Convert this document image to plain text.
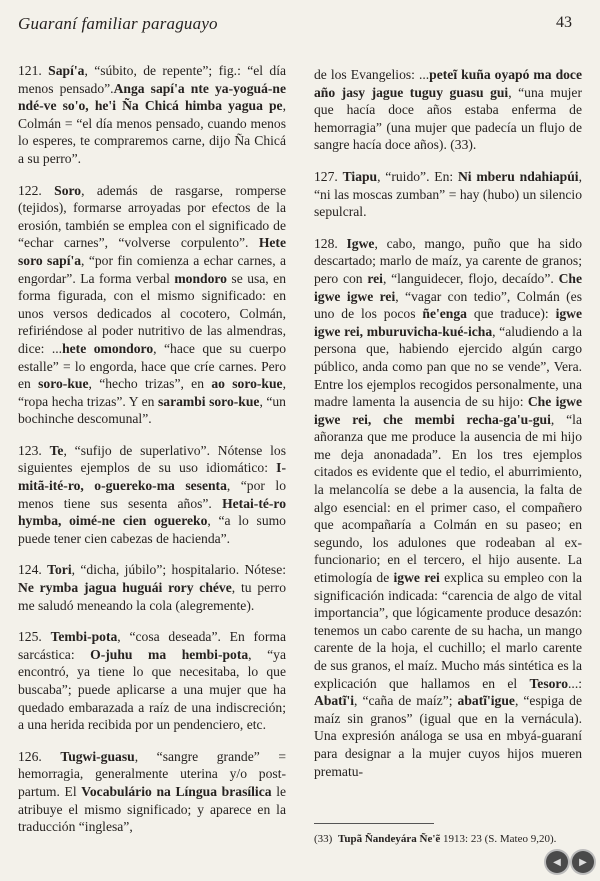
Guaraní familiar paraguayo	43

121. Sapí'a, “súbito, de repente”; fig.: “el día menos pensado”.Anga sapí'a nte ya-yoguá-ne ndé-ve so'o, he'i Ña Chicá himba yagua pe, Colmán = “el día menos pensado, cuando menos lo esperes, te compraremos carne, dijo Ña Chicá a su perro”.

122. Soro, además de rasgarse, romperse (tejidos), formarse arroyadas por efectos de la erosión, también se emplea con el significado de “echar carnes”, “volverse corpulento”. Hete soro sapí'a, “por fin comienza a echar carnes, a engordar”. La forma verbal mondoro se usa, en forma figurada, con el mismo significado: en unos versos dedicados al cocotero, Colmán, refiriéndose al poder nutritivo de las almendras, dice: ...hete omondoro, “hace que su cuerpo estalle” = lo engorda, hace que críe carnes. Pero en soro-kue, “hecho trizas”, en ao soro-kue, “ropa hecha trizas”. Y en sarambi soro-kue, “un bochinche descomunal”.

123. Te, “sufijo de superlativo”. Nótense los siguientes ejemplos de su uso idiomático: I-mitã-ité-ro, o-guereko-ma sesenta, “por lo menos tiene sus sesenta años”. Hetai-té-ro hymba, oimé-ne cien oguereko, “a lo sumo puede tener cien cabezas de hacienda”.

124. Tori, “dicha, júbilo”; hospitalario. Nótese: Ne rymba jagua huguái rory chéve, tu perro me saludó meneando la cola (alegremente).

125. Tembi-pota, “cosa deseada”. En forma sarcástica: O-juhu ma hembi-pota, “ya encontró, ya tiene lo que necesitaba, lo que buscaba”; puede aplicarse a una mujer que ha quedado embarazada a raíz de una indiscreción; a una herida recibida por un pendenciero, etc.

126. Tugwi-guasu, “sangre grande” = hemorragia, generalmente uterina y/o post-partum. El Vocabulário na Língua brasílica le atribuye el mismo significado; y aparece en la traducción “inglesa”,

de los Evangelios: ...peteĩ kuña oyapó ma doce año jasy jague tuguy guasu gui, “una mujer que hacía doce años estaba enferma de hemorragia” (una mujer que padecía un flujo de sangre hacía doce años). (33).

127. Tiapu, “ruido”. En: Ni mberu ndahiapúi, “ni las moscas zumban” = hay (hubo) un silencio sepulcral.

128. Igwe, cabo, mango, puño que ha sido descartado; marlo de maíz, ya carente de granos; pero con rei, “languidecer, flojo, decaído”. Che igwe igwe rei, “vagar con tedio”, Colmán (es uno de los pocos ñe'enga que traduce): igwe igwe rei, mburuvicha-kué-icha, “aludiendo a la persona que, habiendo ejercido algún cargo público, anda como pan que no se vende”, Vera. Entre los ejemplos recogidos personalmente, una madre lamenta la ausencia de su hijo: Che igwe igwe rei, che membi recha-ga'u-gui, “la añoranza que me produce la ausencia de mi hijo me deja anonadada”. En los tres ejemplos citados es evidente que el tedio, el aburrimiento, la melancolía se debe a la ausencia, la falta de algo esencial: en el primer caso, el compañero que acompañaría a Colmán en su paseo; en segundo, los adulones que rodeaban al ex-funcionario; en el tercero, el hijo ausente. La etimología de igwe rei explica su empleo con la significación indicada: “carencia de algo de vital importancia”, que lógicamente produce desazón: tenemos un cabo carente de su hacha, un mango carente de la hoja, el cuchillo; el marlo carente de sus granos, el maíz. Mucho más sintética es la explicación que hallamos en el Tesoro...: Abatĩ'i, “caña de maíz”; abatĩ'igue, “espiga de maíz sin granos” (igual que en la vernácula). Una expresión análoga se usa en mbyá-guaraní para designar a la mujer cuyos hijos mueren prematu-

(33) Tupã Ñandeyára Ñe'ẽ 1913: 23 (S. Mateo 9,20).
◀	▶
